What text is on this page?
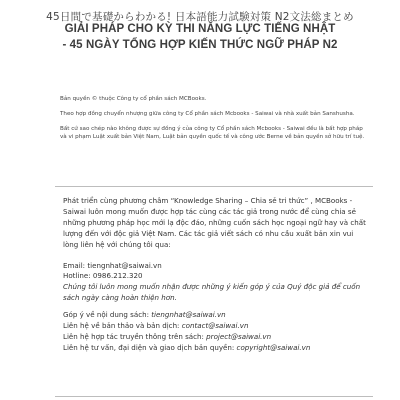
45日間で基礎からわかる! 日本語能力試験対策 N2文法総まとめ
GIẢI PHÁP CHO KỲ THI NĂNG LỰC TIẾNG NHẬT
- 45 NGÀY TỔNG HỢP KIẾN THỨC NGỮ PHÁP N2

Bản quyền © thuộc Công ty cổ phần sách MCBooks.

Theo hợp đồng chuyển nhượng giữa công ty Cổ phần sách Mcbooks - Saiwai và nhà xuất bản Sanshusha.

Bất cứ sao chép nào không được sự đồng ý của công ty Cổ phần sách Mcbooks - Saiwai đều là bất hợp pháp và vi phạm Luật xuất bản Việt Nam, Luật bản quyền quốc tế và công ước Berne về bản quyền sở hữu trí tuệ.

Phát triển cùng phương châm “Knowledge Sharing – Chia sẻ tri thức” , MCBooks - Saiwai luôn mong muốn được hợp tác cùng các tác giả trong nước để cùng chia sẻ những phương pháp học mới lạ độc đáo, những cuốn sách học ngoại ngữ hay và chất lượng đến với độc giả Việt Nam. Các tác giả viết sách có nhu cầu xuất bản xin vui lòng liên hệ với chúng tôi qua:

Email: tiengnhat@saiwai.vn

Hotline: 0986.212.320

Chúng tôi luôn mong muốn nhận được những ý kiến góp ý của Quý độc giả để cuốn sách ngày càng hoàn thiện hơn.

Góp ý về nội dung sách: tiengnhat@saiwai.vn

Liên hệ về bản thảo và bản dịch: contact@saiwai.vn

Liên hệ hợp tác truyền thông trên sách: project@saiwai.vn

Liên hệ tư vấn, đại diện và giao dịch bản quyền: copyright@saiwai.vn
